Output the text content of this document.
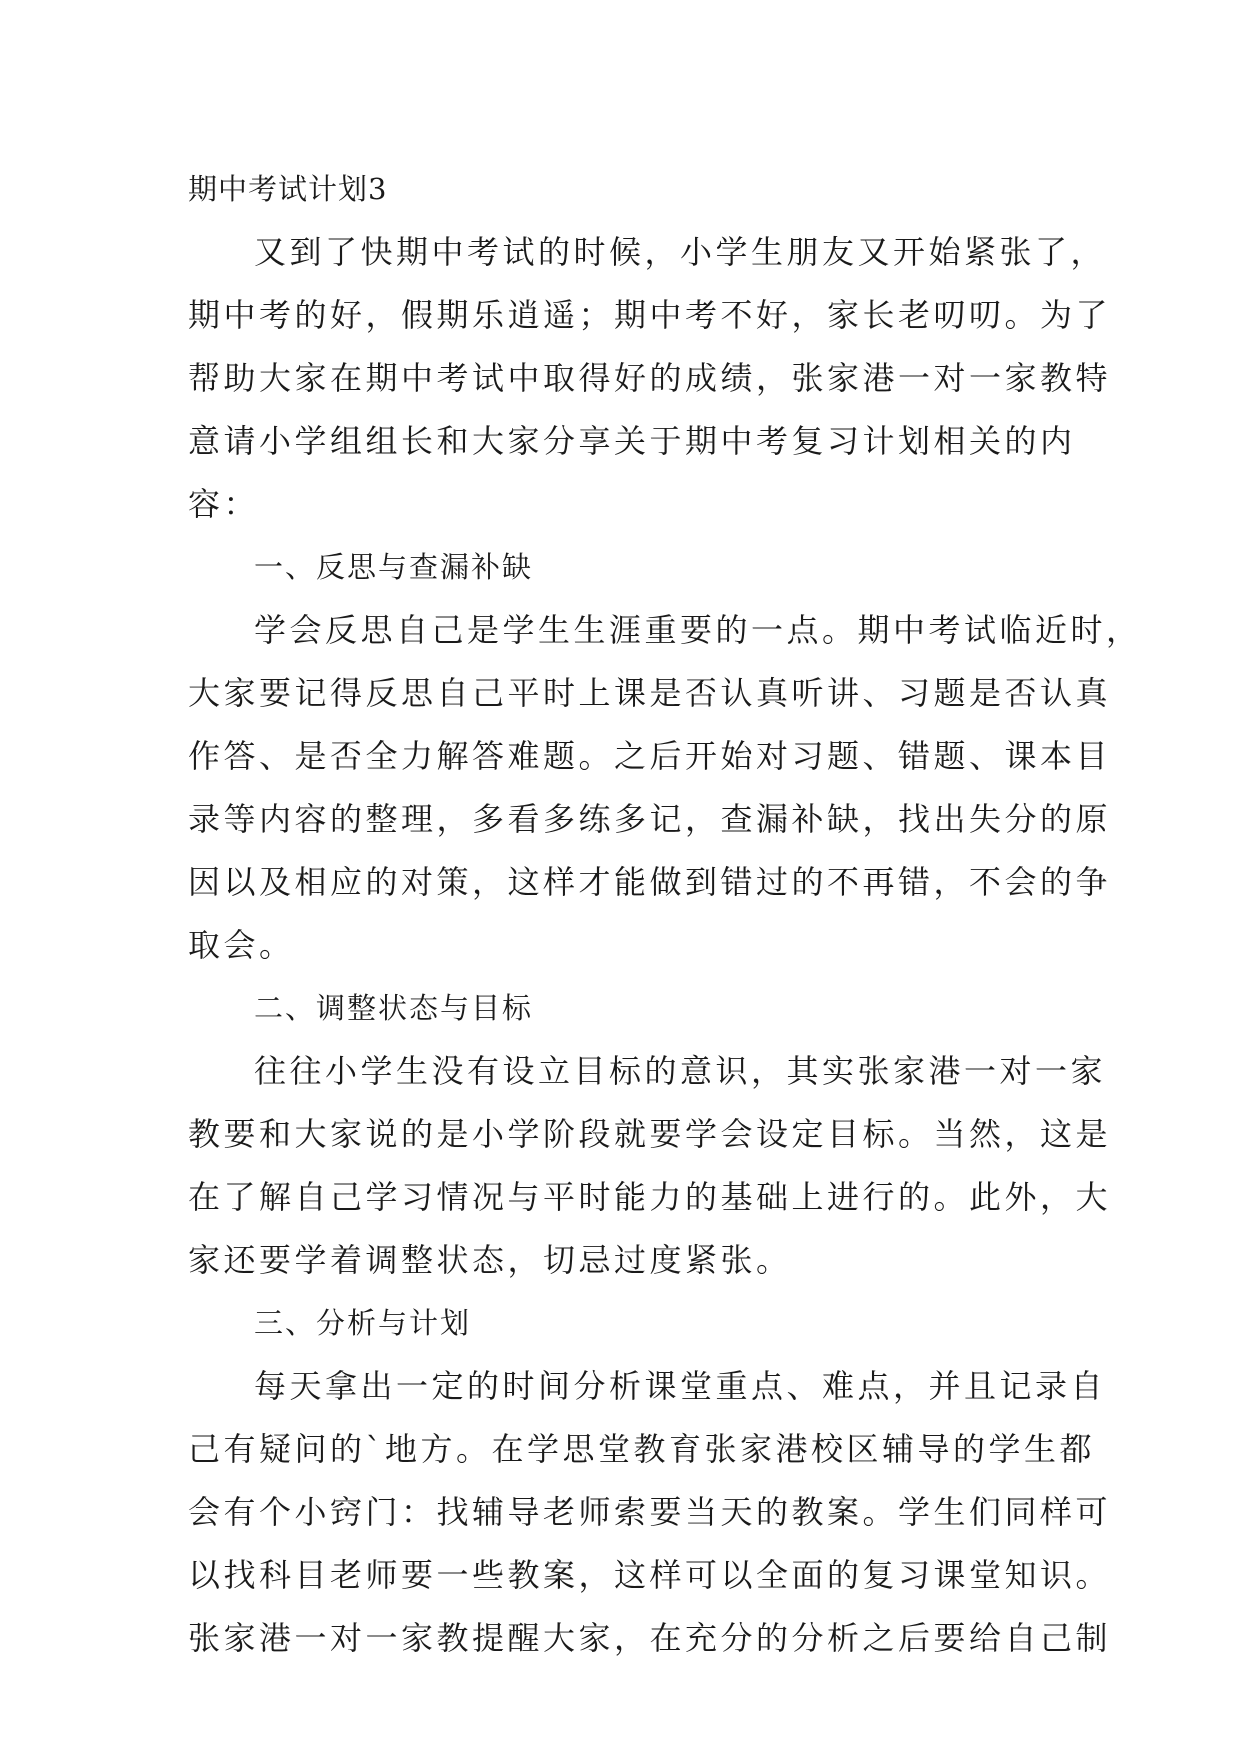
期中考试计划3

又到了快期中考试的时候，小学生朋友又开始紧张了，

期中考的好，假期乐逍遥；期中考不好，家长老叨叨。为了

帮助大家在期中考试中取得好的成绩，张家港一对一家教特

意请小学组组长和大家分享关于期中考复习计划相关的内

容：

一、反思与查漏补缺

学会反思自己是学生生涯重要的一点。期中考试临近时，

大家要记得反思自己平时上课是否认真听讲、习题是否认真

作答、是否全力解答难题。之后开始对习题、错题、课本目

录等内容的整理，多看多练多记，查漏补缺，找出失分的原

因以及相应的对策，这样才能做到错过的不再错，不会的争

取会。

二、调整状态与目标

往往小学生没有设立目标的意识，其实张家港一对一家

教要和大家说的是小学阶段就要学会设定目标。当然，这是

在了解自己学习情况与平时能力的基础上进行的。此外，大

家还要学着调整状态，切忌过度紧张。

三、分析与计划

每天拿出一定的时间分析课堂重点、难点，并且记录自

己有疑问的`地方。在学思堂教育张家港校区辅导的学生都

会有个小窍门：找辅导老师索要当天的教案。学生们同样可

以找科目老师要一些教案，这样可以全面的复习课堂知识。

张家港一对一家教提醒大家，在充分的分析之后要给自己制
